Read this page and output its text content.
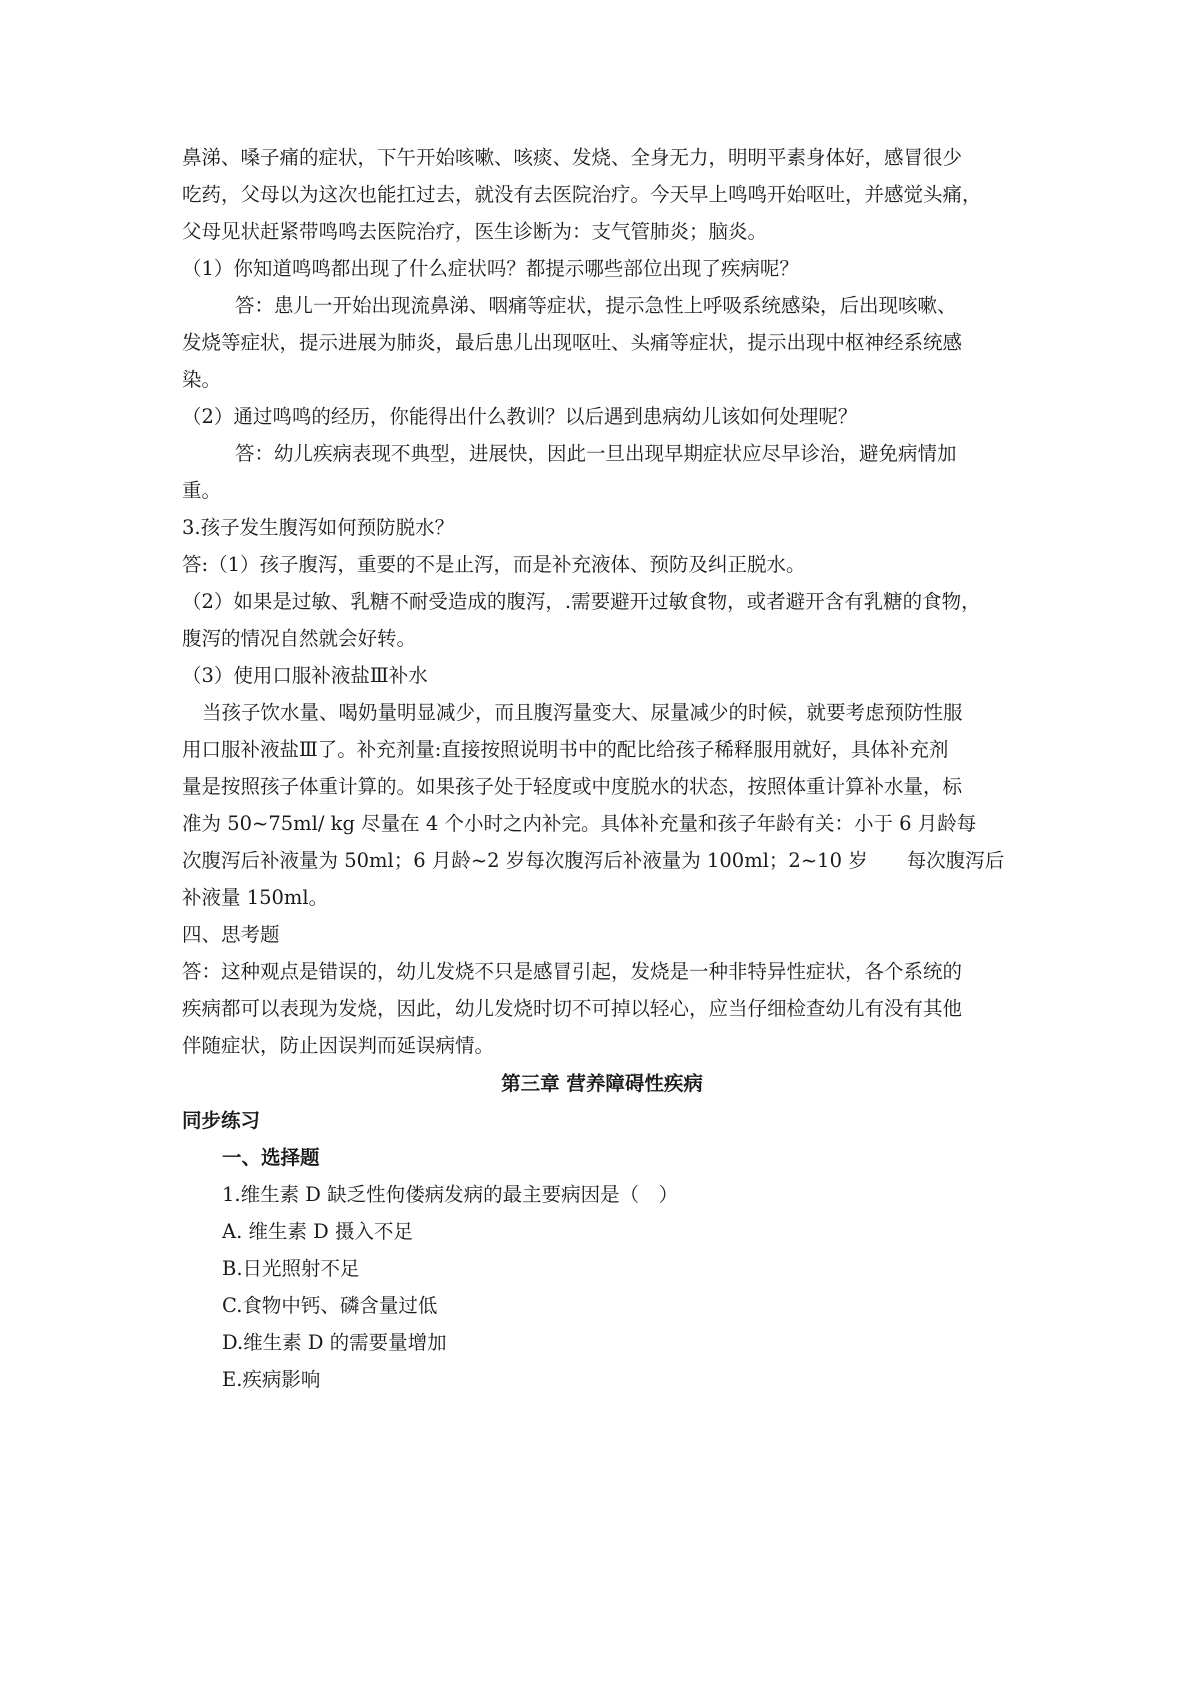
鼻涕、嗓子痛的症状，下午开始咳嗽、咳痰、发烧、全身无力，明明平素身体好，感冒很少
吃药，父母以为这次也能扛过去，就没有去医院治疗。今天早上鸣鸣开始呕吐，并感觉头痛，
父母见状赶紧带鸣鸣去医院治疗，医生诊断为：支气管肺炎；脑炎。
（1）你知道鸣鸣都出现了什么症状吗？都提示哪些部位出现了疾病呢？
答：患儿一开始出现流鼻涕、咽痛等症状，提示急性上呼吸系统感染，后出现咳嗽、
发烧等症状，提示进展为肺炎，最后患儿出现呕吐、头痛等症状，提示出现中枢神经系统感
染。
（2）通过鸣鸣的经历，你能得出什么教训？以后遇到患病幼儿该如何处理呢？
答：幼儿疾病表现不典型，进展快，因此一旦出现早期症状应尽早诊治，避免病情加
重。
3.孩子发生腹泻如何预防脱水？
答:（1）孩子腹泻，重要的不是止泻，而是补充液体、预防及纠正脱水。
（2）如果是过敏、乳糖不耐受造成的腹泻，.需要避开过敏食物，或者避开含有乳糖的食物，
腹泻的情况自然就会好转。
（3）使用口服补液盐Ⅲ补水
当孩子饮水量、喝奶量明显减少，而且腹泻量变大、尿量减少的时候，就要考虑预防性服
用口服补液盐Ⅲ了。补充剂量:直接按照说明书中的配比给孩子稀释服用就好，具体补充剂
量是按照孩子体重计算的。如果孩子处于轻度或中度脱水的状态，按照体重计算补水量，标
准为 50~75ml/ kg 尽量在 4 个小时之内补完。具体补充量和孩子年龄有关：小于 6 月龄每
次腹泻后补液量为 50ml；6 月龄~2 岁每次腹泻后补液量为 100ml；2~10 岁　　每次腹泻后
补液量 150ml。
四、思考题
答：这种观点是错误的，幼儿发烧不只是感冒引起，发烧是一种非特异性症状，各个系统的
疾病都可以表现为发烧，因此，幼儿发烧时切不可掉以轻心，应当仔细检查幼儿有没有其他
伴随症状，防止因误判而延误病情。
第三章 营养障碍性疾病
同步练习
一、选择题
1.维生素 D 缺乏性佝偻病发病的最主要病因是（　）
A. 维生素 D 摄入不足
B.日光照射不足
C.食物中钙、磷含量过低
D.维生素 D 的需要量增加
E.疾病影响
